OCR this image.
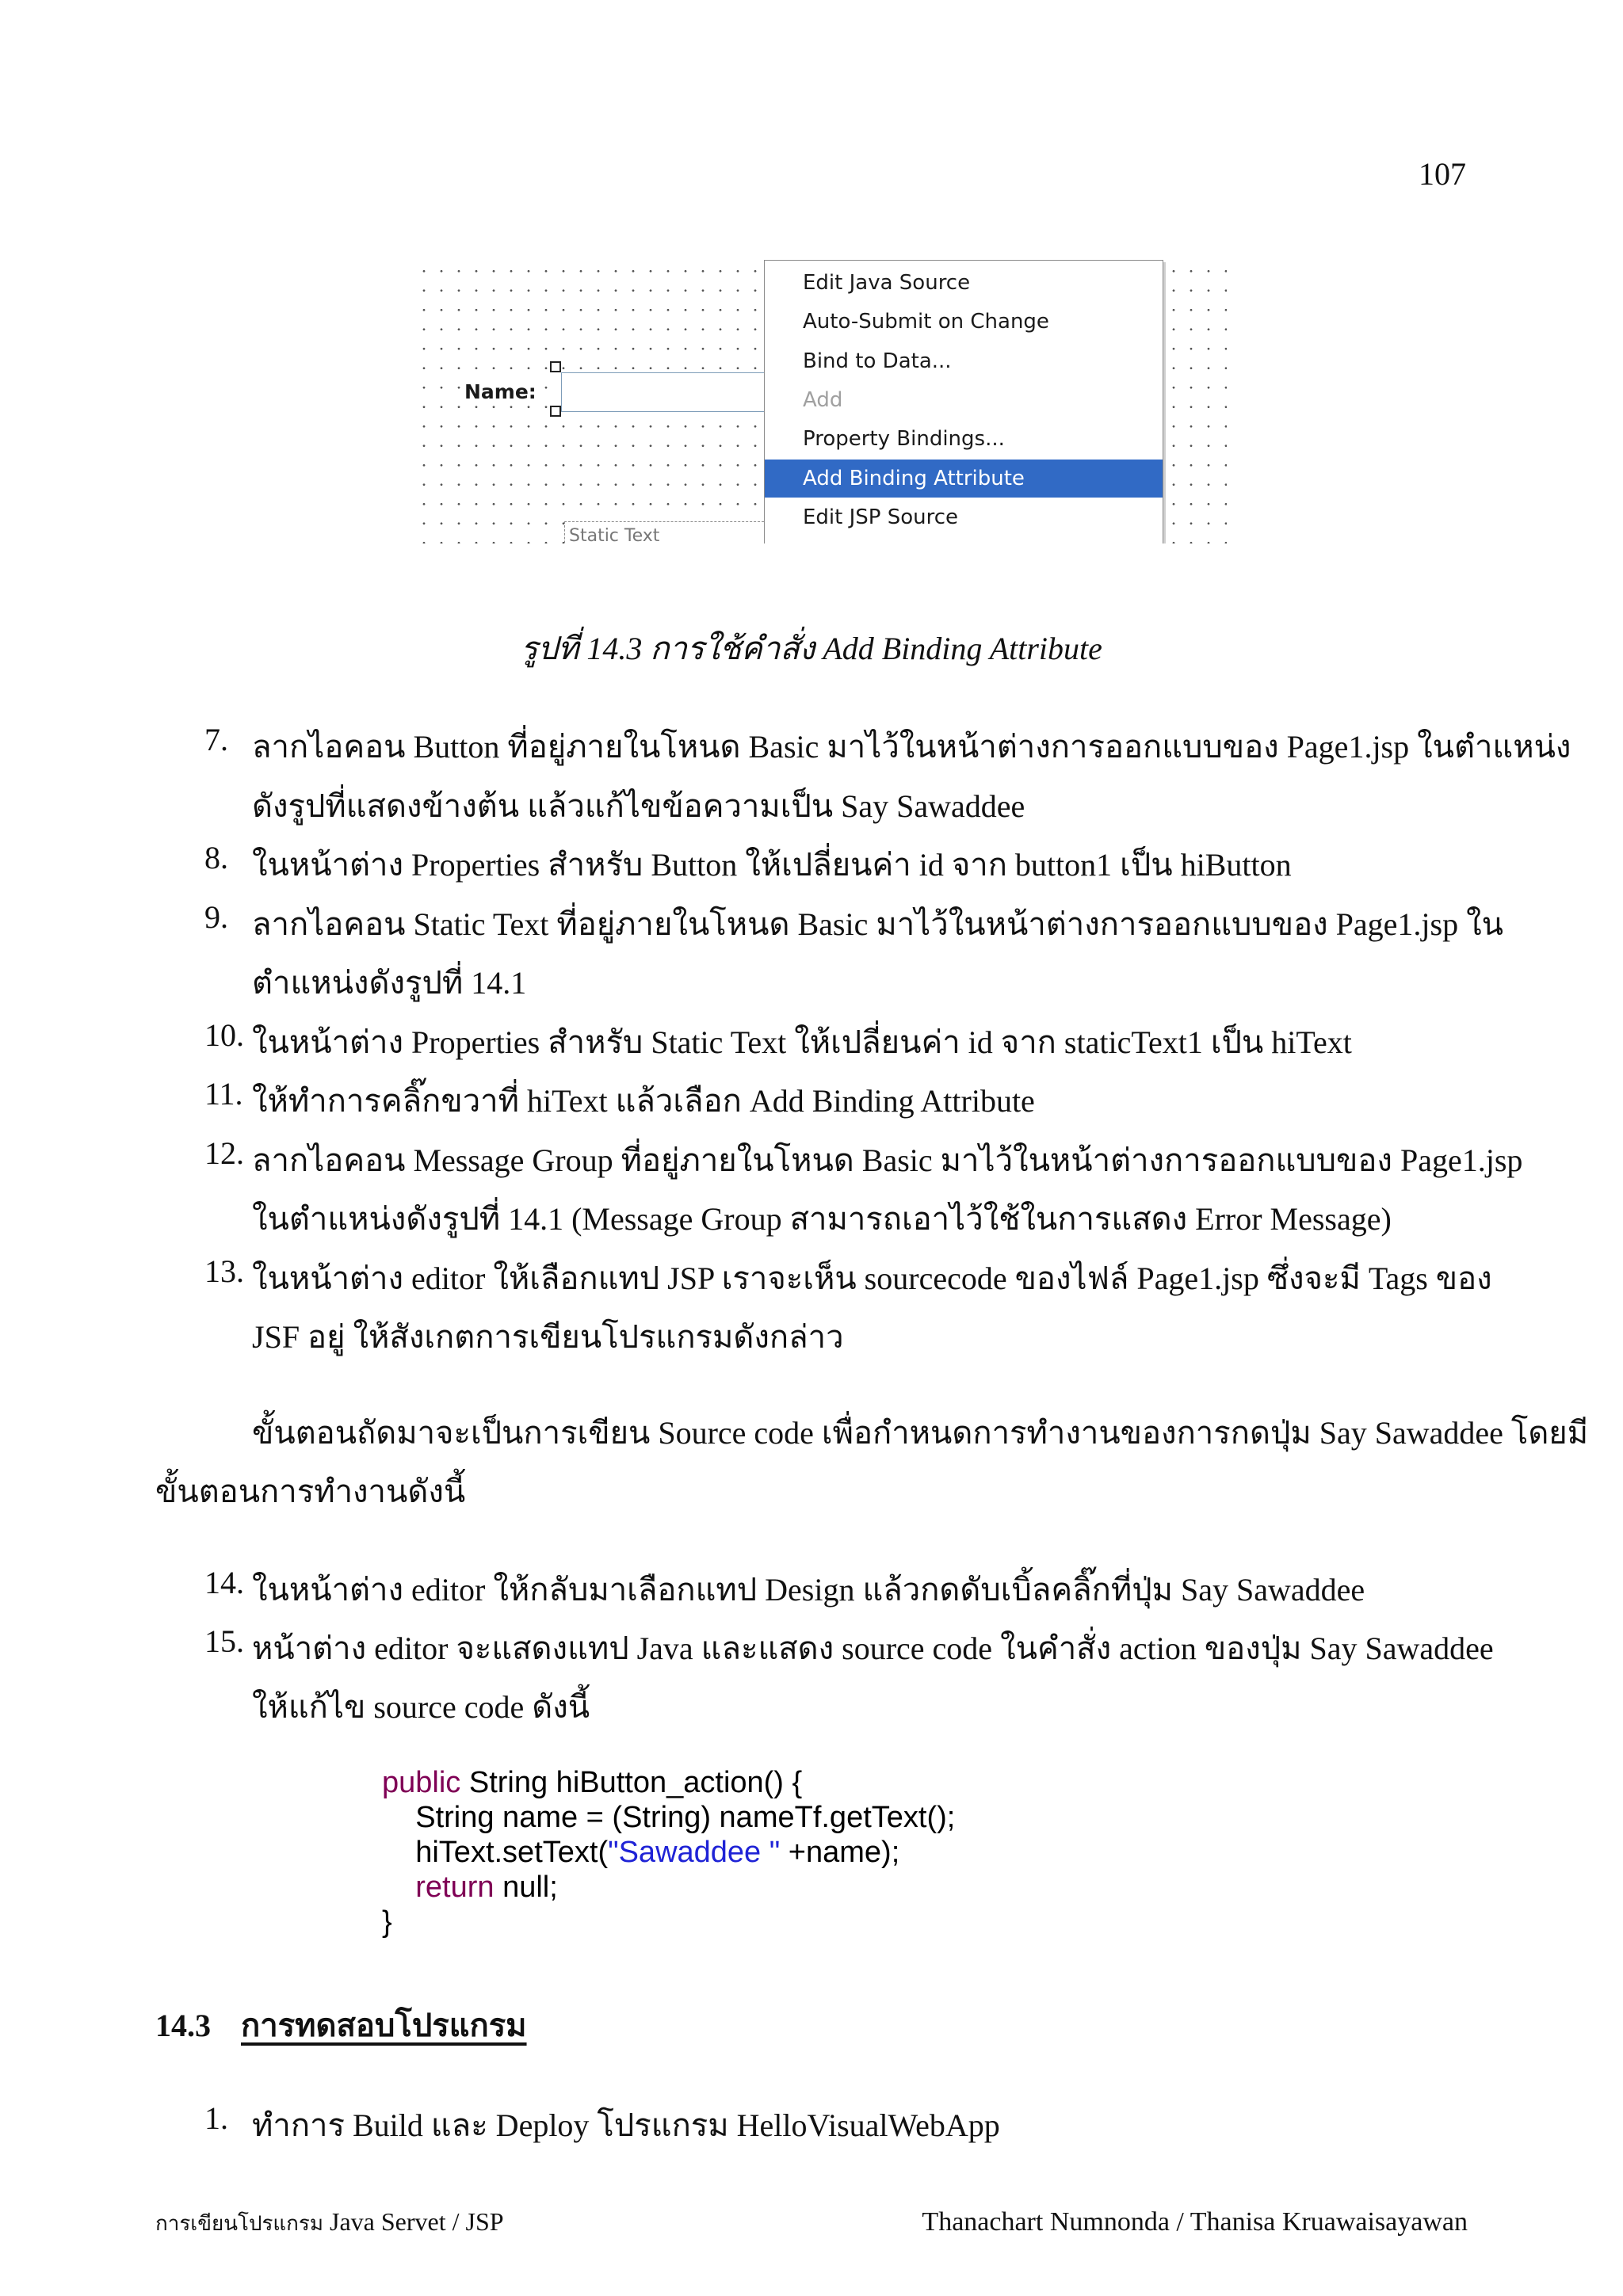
107
Name:
Static Text
Edit Java Source
Auto-Submit on Change
Bind to Data...
Add
Property Bindings...
Add Binding Attribute
Edit JSP Source
รูปที่ 14.3 การใช้คำสั่ง Add Binding Attribute
7. ลากไอคอน Button ที่อยู่ภายในโหนด Basic มาไว้ในหน้าต่างการออกแบบของ Page1.jsp ในตำแหน่ง
ดังรูปที่แสดงข้างต้น แล้วแก้ไขข้อความเป็น Say Sawaddee
8. ในหน้าต่าง Properties สำหรับ Button ให้เปลี่ยนค่า id จาก button1 เป็น hiButton
9. ลากไอคอน Static Text ที่อยู่ภายในโหนด Basic มาไว้ในหน้าต่างการออกแบบของ Page1.jsp ใน
ตำแหน่งดังรูปที่ 14.1
10. ในหน้าต่าง Properties สำหรับ Static Text ให้เปลี่ยนค่า id จาก staticText1 เป็น hiText
11. ให้ทำการคลิ๊กขวาที่ hiText แล้วเลือก Add Binding Attribute
12. ลากไอคอน Message Group ที่อยู่ภายในโหนด Basic มาไว้ในหน้าต่างการออกแบบของ Page1.jsp
ในตำแหน่งดังรูปที่ 14.1 (Message Group สามารถเอาไว้ใช้ในการแสดง Error Message)
13. ในหน้าต่าง editor ให้เลือกแทป JSP เราจะเห็น sourcecode ของไฟล์ Page1.jsp ซึ่งจะมี Tags ของ
JSF อยู่ ให้สังเกตการเขียนโปรแกรมดังกล่าว
ขั้นตอนถัดมาจะเป็นการเขียน Source code เพื่อกำหนดการทำงานของการกดปุ่ม Say Sawaddee โดยมี
ขั้นตอนการทำงานดังนี้
14. ในหน้าต่าง editor ให้กลับมาเลือกแทป Design แล้วกดดับเบิ้ลคลิ๊กที่ปุ่ม Say Sawaddee
15. หน้าต่าง editor จะแสดงแทป Java และแสดง source code ในคำสั่ง action ของปุ่ม Say Sawaddee
ให้แก้ไข source code ดังนี้
public String hiButton_action() {
String name = (String) nameTf.getText();
hiText.setText("Sawaddee " +name);
return null;
}
14.3 การทดสอบโปรแกรม
1. ทำการ Build และ Deploy โปรแกรม HelloVisualWebApp
การเขียนโปรแกรม Java Servet / JSP	Thanachart Numnonda / Thanisa Kruawaisayawan
